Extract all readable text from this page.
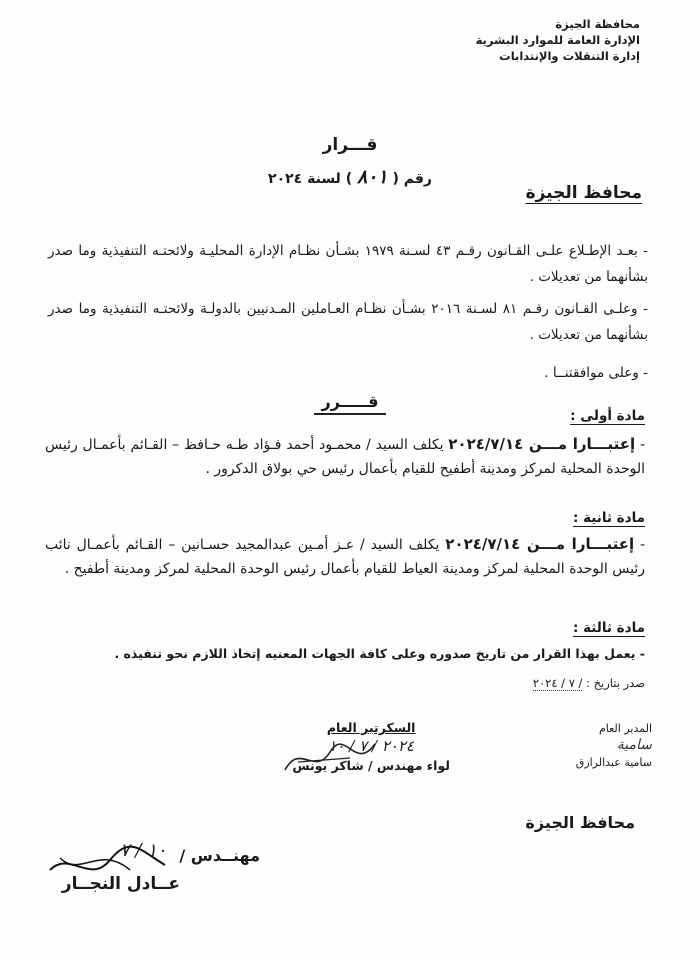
محافظة الجيزة
الإدارة العامة للموارد البشرية
إدارة التنقلات والإنتدابات
قـــرار
رقم ( ٨٠١ ) لسنة ٢٠٢٤
محافظ الجيزة
- بعـد الإطـلاع علـى القـانون رقـم ٤٣ لسـنة ١٩٧٩ بشـأن نظـام الإدارة المحليـة ولائحتـه التنفيذية وما صدر بشأنهما من تعديلات .
- وعلـى القـانون رقـم ٨١ لسـنة ٢٠١٦ بشـأن نظـام العـاملين المـدنيين بالدولـة ولائحتـه التنفيذية وما صدر بشأنهما من تعديلات .
- وعلى موافقتنــا .
قـــــرر
مادة أولى :
- إعتبـــارا مـــن ٢٠٢٤/٧/١٤ يكلف السيد / محمـود أحمد فـؤاد طـه حـافظ – القـائم بأعمـال رئيس الوحدة المحلية لمركز ومدينة أطفيح للقيام بأعمال رئيس حي بولاق الدكرور .
مادة ثانية :
- إعتبـــارا مـــن ٢٠٢٤/٧/١٤ يكلف السيد / عـز أمـين عبدالمجيد حسـانين – القـائم بأعمـال نائب رئيس الوحدة المحلية لمركز ومدينة العياط للقيام بأعمال رئيس الوحدة المحلية لمركز ومدينة أطفيح .
مادة ثالثة :
- يعمل بهذا القرار من تاريخ صدوره وعلى كافة الجهات المعنيه إتخاذ اللازم نحو تنفيذه .
صدر بتاريخ : / ٧ / ٢٠٢٤
المدير العام
سامية
سامية عبدالرازق
السكرتير العام
٢٠٢٤ / ٧ / ١٠
لواء مهندس / شاكر يونس
محافظ الجيزة
مهنــدس /
١٠ / ٧
عــادل النجــار
